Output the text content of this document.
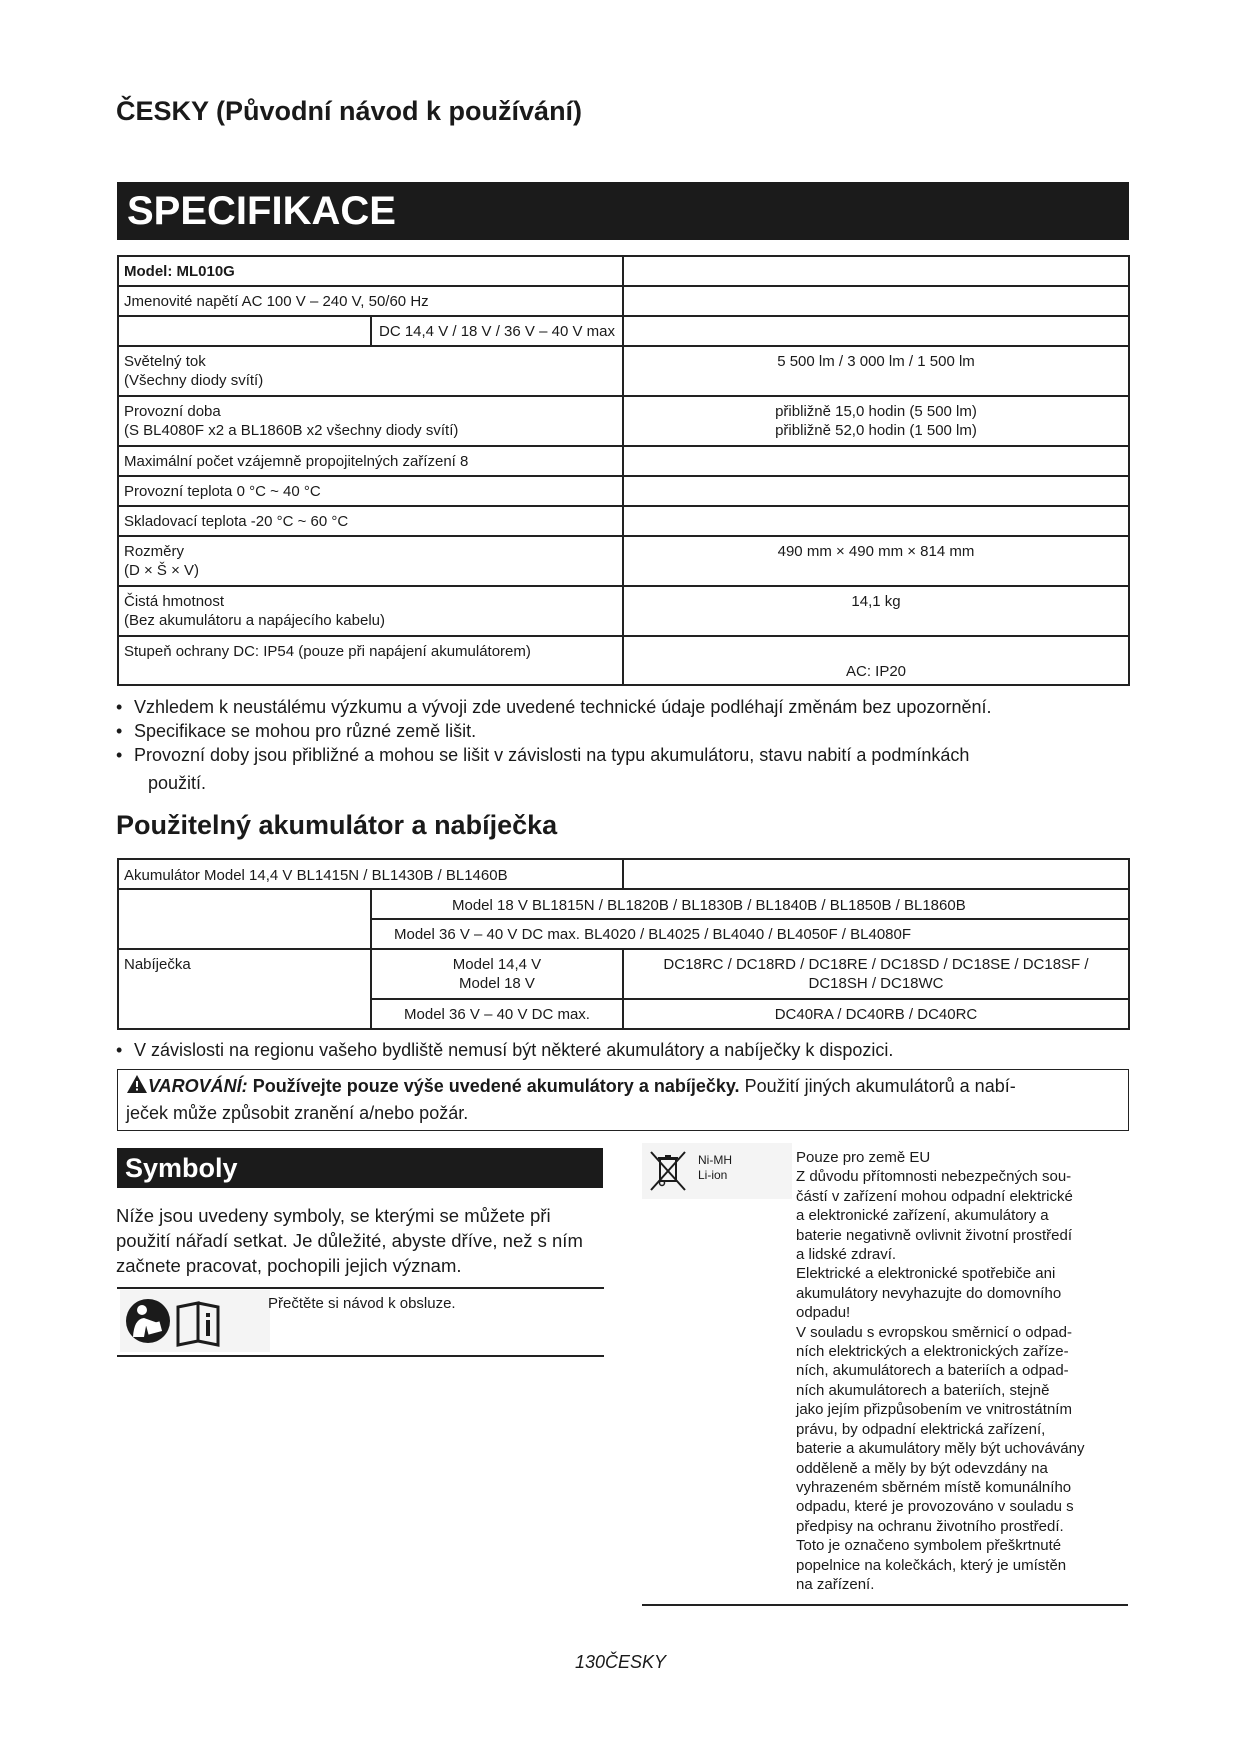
ČESKY (Původní návod k používání)
SPECIFIKACE
Model: ML010G
Jmenovité napětí AC 100 V – 240 V, 50/60 Hz
DC 14,4 V / 18 V / 36 V – 40 V max
Světelný tok
(Všechny diody svítí)
5 500 lm / 3 000 lm / 1 500 lm
Provozní doba
(S BL4080F x2 a BL1860B x2 všechny diody svítí)
přibližně 15,0 hodin (5 500 lm)
přibližně 52,0 hodin (1 500 lm)
Maximální počet vzájemně propojitelných zařízení 8
Provozní teplota 0 °C ~ 40 °C
Skladovací teplota -20 °C ~ 60 °C
Rozměry
(D × Š × V)
490 mm × 490 mm × 814 mm
Čistá hmotnost
(Bez akumulátoru a napájecího kabelu)
14,1 kg
Stupeň ochrany DC: IP54 (pouze při napájení akumulátorem)
AC: IP20
• Vzhledem k neustálému výzkumu a vývoji zde uvedené technické údaje podléhají změnám bez upozornění.
• Specifikace se mohou pro různé země lišit.
• Provozní doby jsou přibližné a mohou se lišit v závislosti na typu akumulátoru, stavu nabití a podmínkách
použití.
Použitelný akumulátor a nabíječka
Akumulátor Model 14,4 V BL1415N / BL1430B / BL1460B
Model 18 V BL1815N / BL1820B / BL1830B / BL1840B / BL1850B / BL1860B
Model 36 V – 40 V DC max. BL4020 / BL4025 / BL4040 / BL4050F / BL4080F
Nabíječka	Model 14,4 V
Model 18 V
DC18RC / DC18RD / DC18RE / DC18SD / DC18SE / DC18SF /
DC18SH / DC18WC
Model 36 V – 40 V DC max.	DC40RA / DC40RB / DC40RC
• V závislosti na regionu vašeho bydliště nemusí být některé akumulátory a nabíječky k dispozici.
VAROVÁNÍ: Používejte pouze výše uvedené akumulátory a nabíječky. Použití jiných akumulátorů a nabí-
ječek může způsobit zranění a/nebo požár.
Symboly
Níže jsou uvedeny symboly, se kterými se můžete při použití nářadí setkat. Je důležité, abyste dříve, než s ním začnete pracovat, pochopili jejich význam.
Přečtěte si návod k obsluze.
Ni-MH
Li-ion
Pouze pro země EU
Z důvodu přítomnosti nebezpečných sou-
částí v zařízení mohou odpadní elektrické
a elektronické zařízení, akumulátory a
baterie negativně ovlivnit životní prostředí
a lidské zdraví.
Elektrické a elektronické spotřebiče ani
akumulátory nevyhazujte do domovního
odpadu!
V souladu s evropskou směrnicí o odpad-
ních elektrických a elektronických zaříze-
ních, akumulátorech a bateriích a odpad-
ních akumulátorech a bateriích, stejně
jako jejím přizpůsobením ve vnitrostátním
právu, by odpadní elektrická zařízení,
baterie a akumulátory měly být uchovávány
odděleně a měly by být odevzdány na
vyhrazeném sběrném místě komunálního
odpadu, které je provozováno v souladu s
předpisy na ochranu životního prostředí.
Toto je označeno symbolem přeškrtnuté
popelnice na kolečkách, který je umístěn
na zařízení.
130ČESKY
